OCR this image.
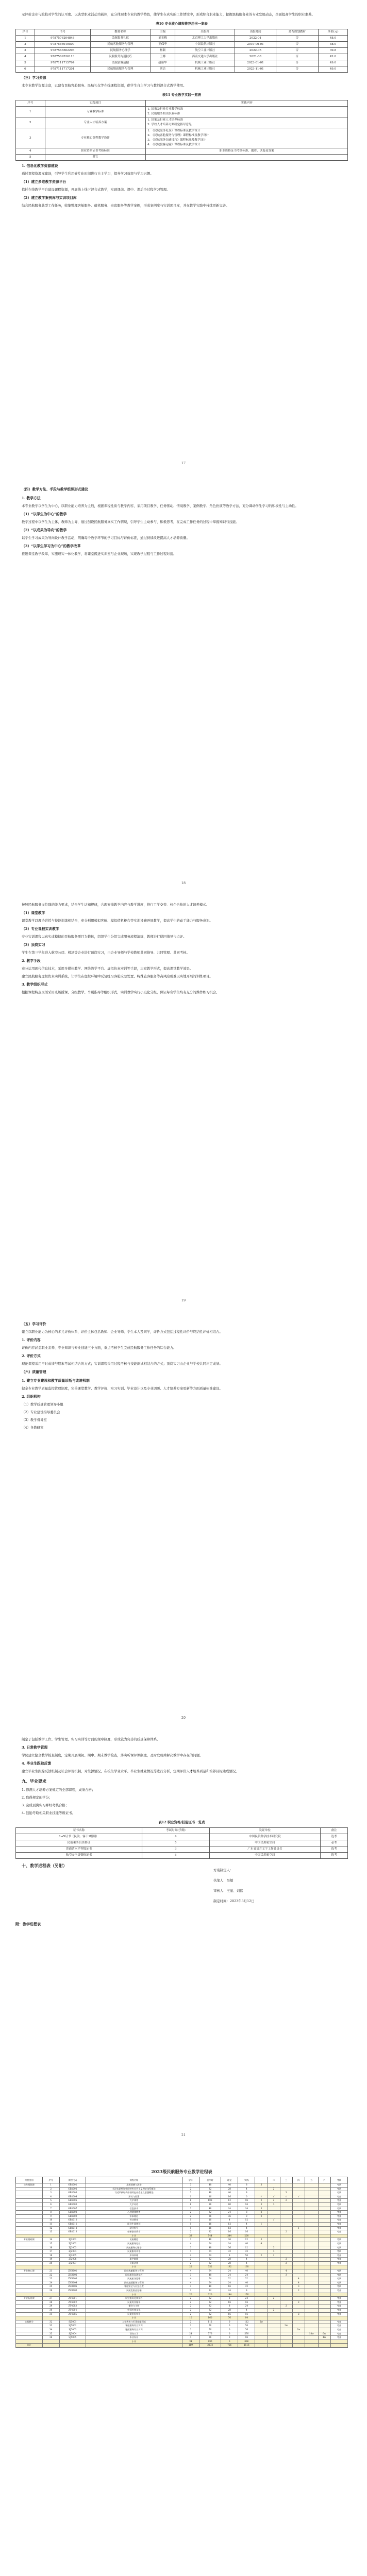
示评价企业与院校对学生的认可度。以典型职业活动为载体，充分体现本专业的教学特色，使学生在真实的工作情境中，形成综合职业能力，把握民航服务业的专业发展动态，全面提高学生的职业素养。

表10 专业核心课程推荐用书一览表

序号	书号	教材名称	主编	出版社	出版时间	是否规划教材	单价(元)
1	9787576204848	民航服务礼仪	刘玉梅	北京理工大学出版社	2022-01	否	48.0
2	9787566919509	民航客舱服务与管理	王保华	中国民航出版社	2019-06-01	否	58.0
3	9787563562296	民航服务心理学	杨颖	航空工业出版社	2022-05	否	39.8
4	9787569526113	民航服务沟通技巧	王娜	西南交通大学出版社	2021-08	否	42.0
5	9787111715764	民航旅客运输	赵新华	机械工业出版社	2023-01-01	否	49.0
6	9787111717201	民航地面服务与管理	刘洁	机械工业出版社	2023-11-01	否	49.0

（三）学习资源

本专业教学资源丰富，已建有民航客舱服务、民航礼仪等在线课程资源，供学生自主学习与教师混合式教学使用。

表11 专业教学实践一览表

序号	实践项目	实践内容
1	专业教学标准	1. 国家及行业专业教学标准
2. 民航服务相关职业标准
2	专业人才培养方案	1. 国家及行业人才培养标准
2. 学校人才培养方案制定指导意见
3	专业核心课程教学设计	1. 《民航服务礼仪》课程标准及教学设计
2. 《民航客舱服务与管理》课程标准及教学设计
3. 《民航服务沟通技巧》课程标准及教学设计
4. 《民航旅客运输》课程标准及教学设计
4	职业资格证书考核标准	职业资格证书考核标准、题库、试卷及答案
5	其它	

1. 信息化教学资源建设

通过课程资源库建设，引导学生利用碎片化时间进行自主学习，提升学习效率与学习兴趣。

（1）建立多维教学资源平台

依托在线教学平台建设课程资源，开展线上线下混合式教学，实现课前、课中、课后全过程学习管理。

（2）建立教学案例库与实训项目库

结合民航服务典型工作任务，收集整理客舱服务、值机服务、贵宾服务等教学案例，形成案例库与实训项目库，并在教学实践中持续更新完善。

17

（四）教学方法、手段与教学组织形式建议

1. 教学方法

本专业教学以学生为中心，以职业能力培养为主线，根据课程性质与教学内容，采用项目教学、任务驱动、情境教学、案例教学、角色扮演等教学方法，充分调动学生学习的积极性与主动性。

（1）“以学生为中心”的教学

教学过程中以学生为主体，教师为主导，通过创设民航服务真实工作情境，引导学生主动参与、积极思考，在完成工作任务的过程中掌握知识与技能。

（2）“以成果为导向”的教学

以学生学习成果为导向设计教学活动，明确每个教学环节的学习目标与评价标准，通过持续改进提高人才培养质量。

（3）“以学生学习为中心”的教学改革

推进课堂教学改革，实施理实一体化教学，将课堂搬进实训室与企业现场，实现教学过程与工作过程对接。

18

按照民航服务岗位群的能力要求，结合学生认知规律，合理安排教学内容与教学进度，推行工学交替、校企合作的人才培养模式。

（1）课堂教学

课堂教学以理论讲授与技能训练相结合，充分利用模拟客舱、模拟值机柜台等实训设施开展教学，提高学生的动手能力与服务意识。

（2）专业课程实训教学

专业实训课程以真实或模拟的民航服务项目为载体，组织学生分组完成服务流程演练，教师进行巡回指导与点评。

（3）顶岗实习

学生在第三学年进入航空公司、机场等企业进行顶岗实习，由企业导师与学校教师共同指导、共同管理、共同考核。

2. 教学手段

充分运用现代信息技术，采用多媒体教学、网络教学平台、虚拟仿真实训等手段，丰富教学形式，提高课堂教学效果。

建立民航服务虚拟仿真实训系统，让学生在虚拟环境中反复练习客舱应急处置、特殊旅客服务等高风险或难以实地开展的训练项目。

3. 教学组织形式

根据课程特点灵活采用班级授课、分组教学、个别指导等组织形式，实训教学实行小班化分组，保证每名学生均有充分的操作练习机会。

19

（五）学习评价

建立以职业能力为核心的多元评价体系，评价主体包括教师、企业导师、学生本人及同学，评价方式包括过程性评价与终结性评价相结合。

1. 评价内容

评价内容涵盖职业素养、专业知识与专业技能三个方面，重点考核学生完成民航服务工作任务的综合能力。

2. 评价方式

理论课程采用平时成绩与期末考试相结合的方式；实训课程采用过程考核与技能测试相结合的方式；顶岗实习由企业与学校共同评定成绩。

（六）质量管理

1. 建立专业建设和教学质量诊断与改进机制

健全专业教学质量监控管理制度，完善课堂教学、教学评价、实习实训、毕业设计以及专业调研、人才培养方案更新等方面质量标准建设。

2. 组织机构

（1）教学质量管理领导小组

（2）专业建设指导委员会

（3）教学督导室

（4）各教研室

20

制定了包括教学工作、学生管理、实习实训等方面的规章制度，形成较为完善的质量保障体系。

3. 日常教学管理

学院建立健全教学检查制度，定期开展期初、期中、期末教学检查，落实听课评课制度，及时发现并解决教学中存在的问题。

4. 毕业生跟踪反馈

建立毕业生跟踪反馈机制及社会评价机制，对生源情况、在校生学业水平、毕业生就业情况等进行分析，定期评价人才培养质量和培养目标达成情况。

九、毕业要求

1. 修满人才培养方案规定的全部课程，成绩合格；

2. 取得规定的学分；

3. 完成顶岗实习并经考核合格；

4. 鼓励考取相关职业技能等级证书。

表12 职业资格/技能证书一览表

证书名称	考试时间(学期)	发证单位	备注
1+X证书（民航、客下1级别）	4	中国民航科学技术研究院	选考
民航乘务员资格证	5	中国民用航空局	必考
普通话水平等级证书	3	广东省语言文字工作委员会	选考
航空安全员资格证书	5	中国民用航空局	选考

十、教学进程表（另附）

21
方案制定人：
执笔人：吴敏
审核人：王丽、刘伟
制定时间：2023年3月12日
附：教学进程表
2023级民航服务专业教学进程表
课程类别	序号	课程代码	课程名称	学分	总学时	理论	实践	一	二	三	四	五	六	考核
公共基础课	1	GB1001	思想道德与法治	3	48	40	8	3						考试
	2	GB1002	毛泽东思想和中国特色社会主义理论体系概论	2	32	28	4		2					考试
	3	GB1003	习近平新时代中国特色社会主义思想概论	3	48	40	8			3				考试
	4	GB1004	形势与政策	1	16	16	0	√	√	√	√			考查
	5	GB1005	大学体育	6	108	12	96	2	2	2				考查
	6	GB1006	大学英语	6	96	80	16	3	3					考试
	7	GB1007	信息技术	3	48	24	24	3						考试
	8	GB1008	心理健康教育	2	32	24	8	2						考查
	9	GB1009	军事理论	2	36	36	0	2						考查
	10	GB1010	劳动教育	1	16	4	12		√					考查
	11	GB1011	职业生涯规划	1	16	12	4	1						考查
	12	GB1012	就业指导	1	16	12	4				1			考查
	13	GB1013	创新创业教育	2	32	16	16			2				考查
			小计	33	544	344	200							
专业基础课	14	ZJ2001	民航概论	3	48	36	12	3						考试
	15	ZJ2002	民航服务礼仪	4	64	24	40	4						考试
	16	ZJ2003	民航服务心理学	3	48	36	12		3					考试
	17	ZJ2004	民航服务英语	4	64	32	32		4					考试
	18	ZJ2005	形体训练	4	64	8	56	2	2					考查
	19	ZJ2006	航空地理	2	32	28	4			2				考查
	20	ZJ2007	民航法规	2	32	28	4			2				考查
			小计	22	352	192	160							
专业核心课	21	ZH3001	民航客舱服务与管理	4	64	24	40			4				考试
	22	ZH3002	民航服务沟通技巧	3	48	24	24			3				考试
	23	ZH3003	民航旅客运输	4	64	32	32				4			考试
	24	ZH3004	民航地面服务与管理	4	64	24	40				4			考试
	25	ZH3005	客舱安全与应急处置	3	48	16	32				3			考试
	26	ZH3006	民航危险品运输	2	32	24	8				2			考查
			小计	20	320	144	176							
专业拓展课	27	ZT4001	航空服务化妆技巧	2	32	8	24		2					考查
	28	ZT4002	民航贵宾服务	2	32	16	16				2			考查
	29	ZT4003	播音与主持	2	32	8	24			2				考查
	30	ZT4004	中国传统文化	2	32	28	4		2					考查
	31	ZT4005	民航安检实务	2	32	16	16				2			考查
			小计	10	160	76	84							
实践教学	32	SJ5001	入学教育与军事技能训练	2	112	0	112	2w						考查
	33	SJ5002	客舱服务综合实训	2	56	0	56			2w				考查
	34	SJ5003	地面服务综合实训	2	56	0	56				2w			考查
	35	SJ5004	顶岗实习	24	576	0	576					18w	6w	考查
	36	SJ5005	毕业设计	4	96	0	96						4w	考查
			小计	34	896	0	896							
合计				119	2272	756	1516							
